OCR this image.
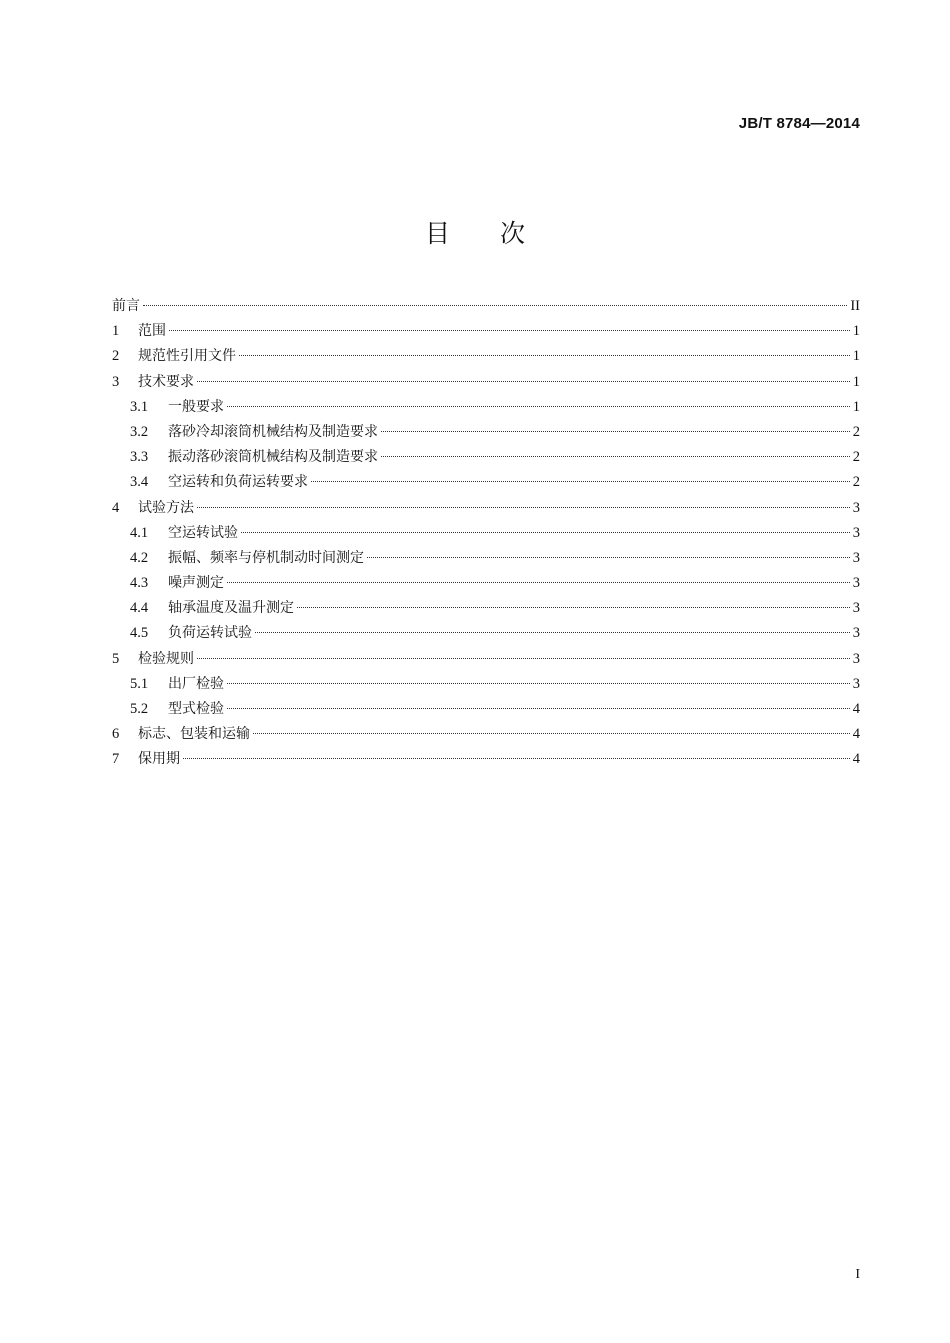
JB/T 8784—2014
目 次
前言	II
1	范围	1
2	规范性引用文件	1
3	技术要求	1
3.1	一般要求	1
3.2	落砂冷却滚筒机械结构及制造要求	2
3.3	振动落砂滚筒机械结构及制造要求	2
3.4	空运转和负荷运转要求	2
4	试验方法	3
4.1	空运转试验	3
4.2	振幅、频率与停机制动时间测定	3
4.3	噪声测定	3
4.4	轴承温度及温升测定	3
4.5	负荷运转试验	3
5	检验规则	3
5.1	出厂检验	3
5.2	型式检验	4
6	标志、包装和运输	4
7	保用期	4
I
